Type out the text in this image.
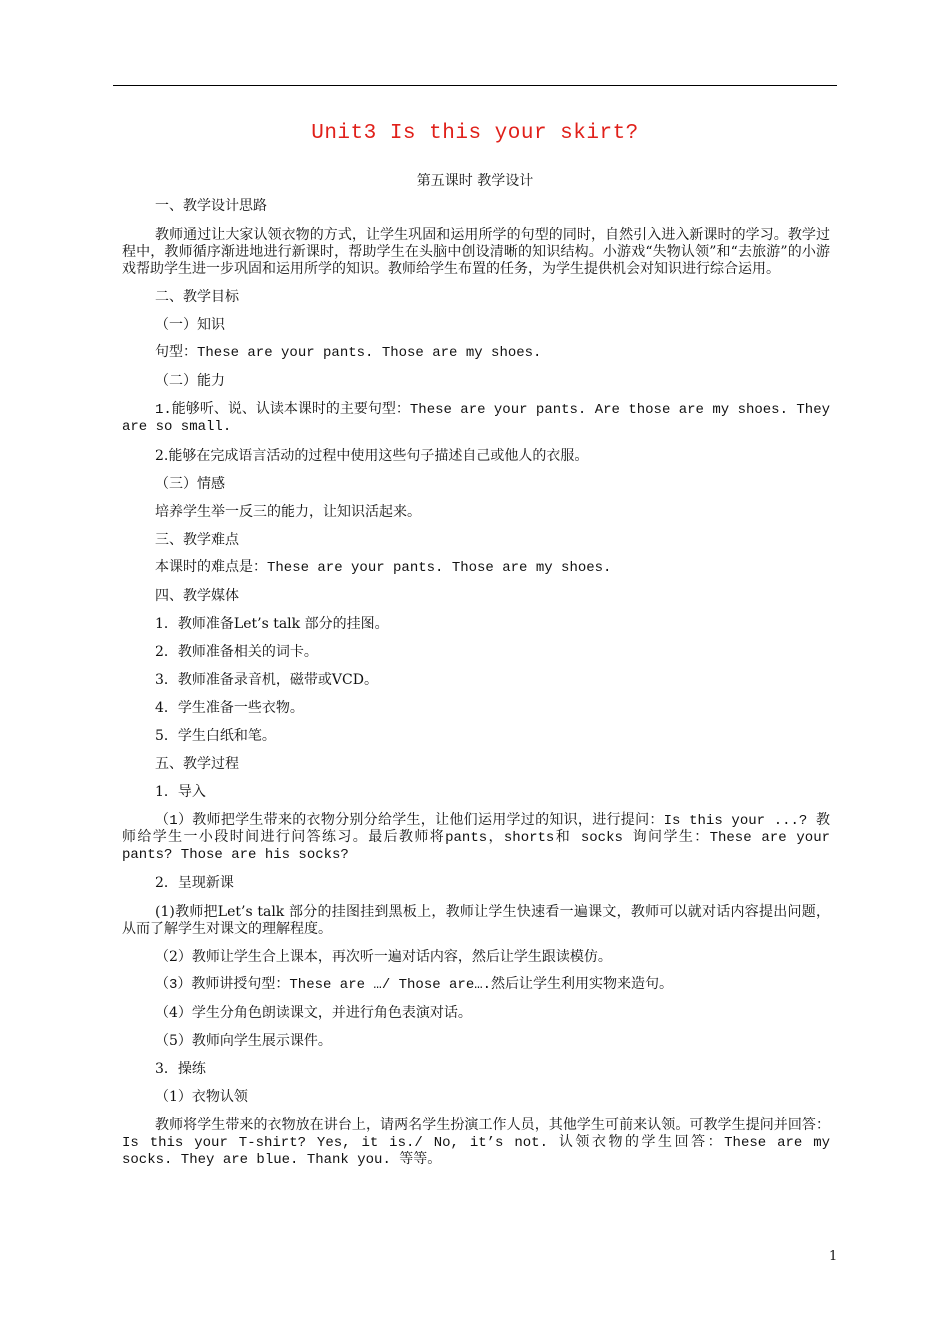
Unit3 Is this your skirt?
第五课时 教学设计

一、教学设计思路

教师通过让大家认领衣物的方式，让学生巩固和运用所学的句型的同时，自然引入进入新课时的学习。教学过程中，教师循序渐进地进行新课时，帮助学生在头脑中创设清晰的知识结构。小游戏“失物认领”和“去旅游”的小游戏帮助学生进一步巩固和运用所学的知识。教师给学生布置的任务，为学生提供机会对知识进行综合运用。

二、教学目标

（一）知识

句型：These are your pants. Those are my shoes.

（二）能力

1.能够听、说、认读本课时的主要句型：These are your pants. Are those are my shoes. They are so small.

2.能够在完成语言活动的过程中使用这些句子描述自己或他人的衣服。

（三）情感

培养学生举一反三的能力，让知识活起来。

三、教学难点

本课时的难点是：These are your pants. Those are my shoes.

四、教学媒体

1．教师准备Let’s talk 部分的挂图。

2．教师准备相关的词卡。

3．教师准备录音机，磁带或VCD。

4．学生准备一些衣物。

5．学生白纸和笔。

五、教学过程

1．导入

（1）教师把学生带来的衣物分别分给学生，让他们运用学过的知识，进行提问：Is this your ...? 教师给学生一小段时间进行问答练习。最后教师将pants，shorts和 socks 询问学生：These are your pants? Those are his socks?

2．呈现新课

(1)教师把Let’s talk 部分的挂图挂到黑板上，教师让学生快速看一遍课文，教师可以就对话内容提出问题，从而了解学生对课文的理解程度。

（2）教师让学生合上课本，再次听一遍对话内容，然后让学生跟读模仿。

（3）教师讲授句型：These are …/ Those are….然后让学生利用实物来造句。

（4）学生分角色朗读课文，并进行角色表演对话。

（5）教师向学生展示课件。

3．操练

（1）衣物认领

教师将学生带来的衣物放在讲台上，请两名学生扮演工作人员，其他学生可前来认领。可教学生提问并回答：Is this your T-shirt? Yes, it is./ No, it’s not. 认领衣物的学生回答：These are my socks. They are blue. Thank you. 等等。

1
